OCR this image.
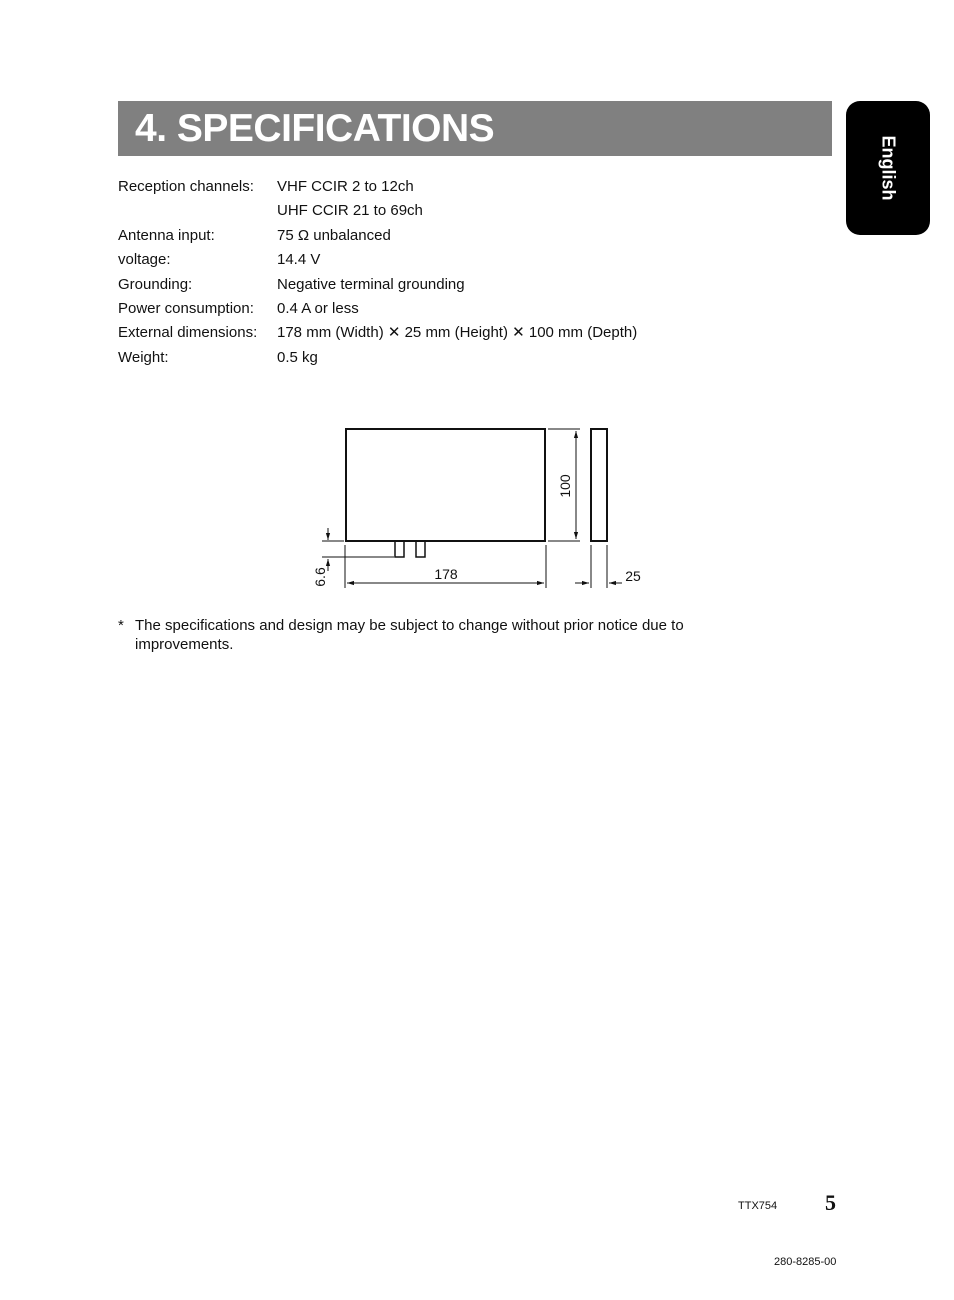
4. SPECIFICATIONS
English
Reception channels: VHF CCIR 2 to 12ch
UHF CCIR 21 to 69ch
Antenna input:	75 Ω unbalanced
voltage:	14.4 V
Grounding:	Negative terminal grounding
Power consumption: 0.4 A or less
External dimensions: 178 mm (Width) ✕ 25 mm (Height) ✕ 100 mm (Depth)
Weight:	0.5 kg
178
100
25
6.6
* The specifications and design may be subject to change without prior notice due to improvements.
TTX754 5
280-8285-00
